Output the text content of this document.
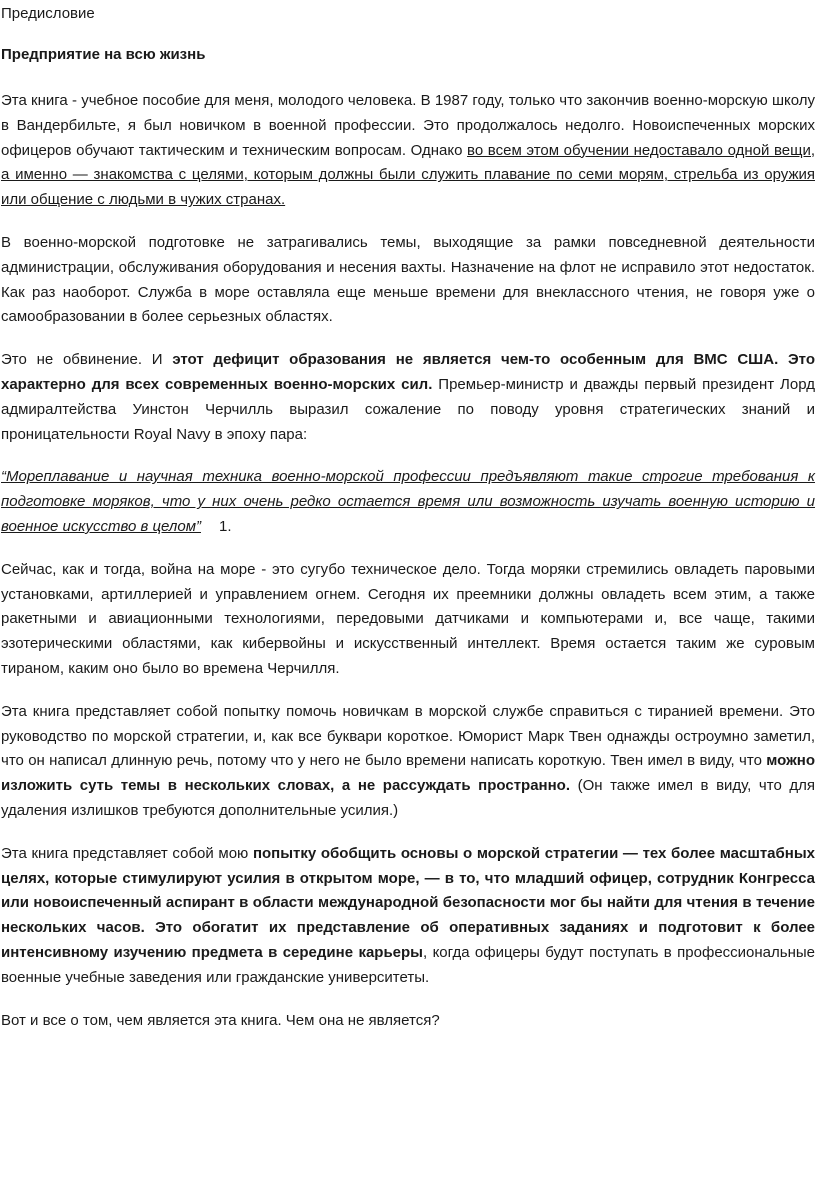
Предисловие
Предприятие на всю жизнь

Эта книга - учебное пособие для меня, молодого человека. В 1987 году, только что закончив военно-морскую школу в Вандербильте, я был новичком в военной профессии. Это продолжалось недолго. Новоиспеченных морских офицеров обучают тактическим и техническим вопросам. Однако во всем этом обучении недоставало одной вещи, а именно — знакомства с целями, которым должны были служить плавание по семи морям, стрельба из оружия или общение с людьми в чужих странах.

В военно-морской подготовке не затрагивались темы, выходящие за рамки повседневной деятельности администрации, обслуживания оборудования и несения вахты. Назначение на флот не исправило этот недостаток. Как раз наоборот. Служба в море оставляла еще меньше времени для внеклассного чтения, не говоря уже о самообразовании в более серьезных областях.

Это не обвинение. И этот дефицит образования не является чем-то особенным для ВМС США. Это характерно для всех современных военно-морских сил. Премьер-министр и дважды первый президент Лорд адмиралтейства Уинстон Черчилль выразил сожаление по поводу уровня стратегических знаний и проницательности Royal Navy в эпоху пара:

“Мореплавание и научная техника военно-морской профессии предъявляют такие строгие требования к подготовке моряков, что у них очень редко остается время или возможность изучать военную историю и военное искусство в целом” 1.

Сейчас, как и тогда, война на море - это сугубо техническое дело. Тогда моряки стремились овладеть паровыми установками, артиллерией и управлением огнем. Сегодня их преемники должны овладеть всем этим, а также ракетными и авиационными технологиями, передовыми датчиками и компьютерами и, все чаще, такими эзотерическими областями, как кибервойны и искусственный интеллект. Время остается таким же суровым тираном, каким оно было во времена Черчилля.

Эта книга представляет собой попытку помочь новичкам в морской службе справиться с тиранией времени. Это руководство по морской стратегии, и, как все буквари короткое. Юморист Марк Твен однажды остроумно заметил, что он написал длинную речь, потому что у него не было времени написать короткую. Твен имел в виду, что можно изложить суть темы в нескольких словах, а не рассуждать пространно. (Он также имел в виду, что для удаления излишков требуются дополнительные усилия.)

Эта книга представляет собой мою попытку обобщить основы о морской стратегии — тех более масштабных целях, которые стимулируют усилия в открытом море, — в то, что младший офицер, сотрудник Конгресса или новоиспеченный аспирант в области международной безопасности мог бы найти для чтения в течение нескольких часов. Это обогатит их представление об оперативных заданиях и подготовит к более интенсивному изучению предмета в середине карьеры, когда офицеры будут поступать в профессиональные военные учебные заведения или гражданские университеты.

Вот и все о том, чем является эта книга. Чем она не является?
